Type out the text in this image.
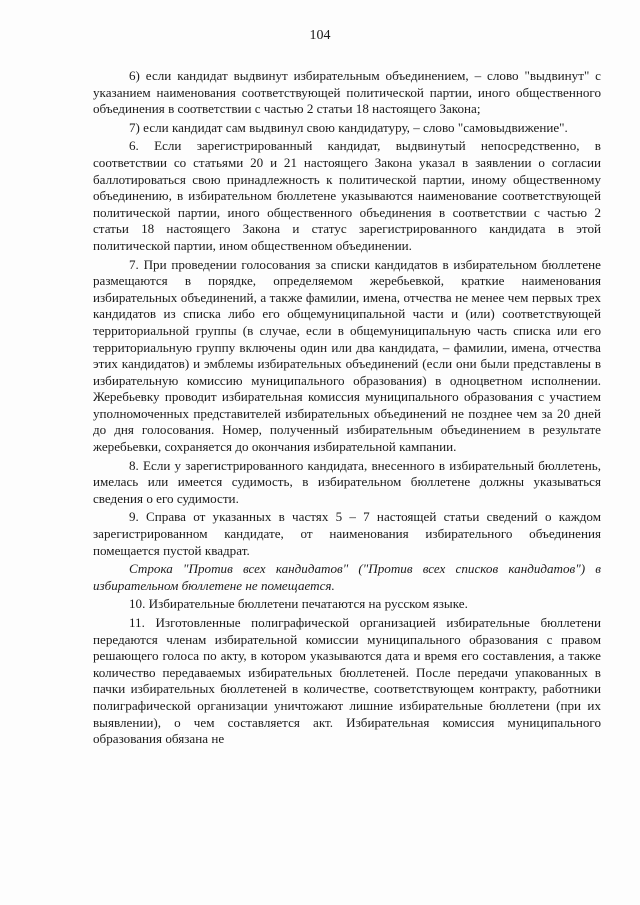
104

6) если кандидат выдвинут избирательным объединением, – слово "выдвинут" с указанием наименования соответствующей политической партии, иного общественного объединения в соответствии с частью 2 статьи 18 настоящего Закона;

7) если кандидат сам выдвинул свою кандидатуру, – слово "самовыдвижение".

6. Если зарегистрированный кандидат, выдвинутый непосредственно, в соответствии со статьями 20 и 21 настоящего Закона указал в заявлении о согласии баллотироваться свою принадлежность к политической партии, иному общественному объединению, в избирательном бюллетене указываются наименование соответствующей политической партии, иного общественного объединения в соответствии с частью 2 статьи 18 настоящего Закона и статус зарегистрированного кандидата в этой политической партии, ином общественном объединении.

7. При проведении голосования за списки кандидатов в избирательном бюллетене размещаются в порядке, определяемом жеребьевкой, краткие наименования избирательных объединений, а также фамилии, имена, отчества не менее чем первых трех кандидатов из списка либо его общемуниципальной части и (или) соответствующей территориальной группы (в случае, если в общемуниципальную часть списка или его территориальную группу включены один или два кандидата, – фамилии, имена, отчества этих кандидатов) и эмблемы избирательных объединений (если они были представлены в избирательную комиссию муниципального образования) в одноцветном исполнении. Жеребьевку проводит избирательная комиссия муниципального образования с участием уполномоченных представителей избирательных объединений не позднее чем за 20 дней до дня голосования. Номер, полученный избирательным объединением в результате жеребьевки, сохраняется до окончания избирательной кампании.

8. Если у зарегистрированного кандидата, внесенного в избирательный бюллетень, имелась или имеется судимость, в избирательном бюллетене должны указываться сведения о его судимости.

9. Справа от указанных в частях 5 – 7 настоящей статьи сведений о каждом зарегистрированном кандидате, от наименования избирательного объединения помещается пустой квадрат.

Строка "Против всех кандидатов" ("Против всех списков кандидатов") в избирательном бюллетене не помещается.

10. Избирательные бюллетени печатаются на русском языке.

11. Изготовленные полиграфической организацией избирательные бюллетени передаются членам избирательной комиссии муниципального образования с правом решающего голоса по акту, в котором указываются дата и время его составления, а также количество передаваемых избирательных бюллетеней. После передачи упакованных в пачки избирательных бюллетеней в количестве, соответствующем контракту, работники полиграфической организации уничтожают лишние избирательные бюллетени (при их выявлении), о чем составляется акт. Избирательная комиссия муниципального образования обязана не
